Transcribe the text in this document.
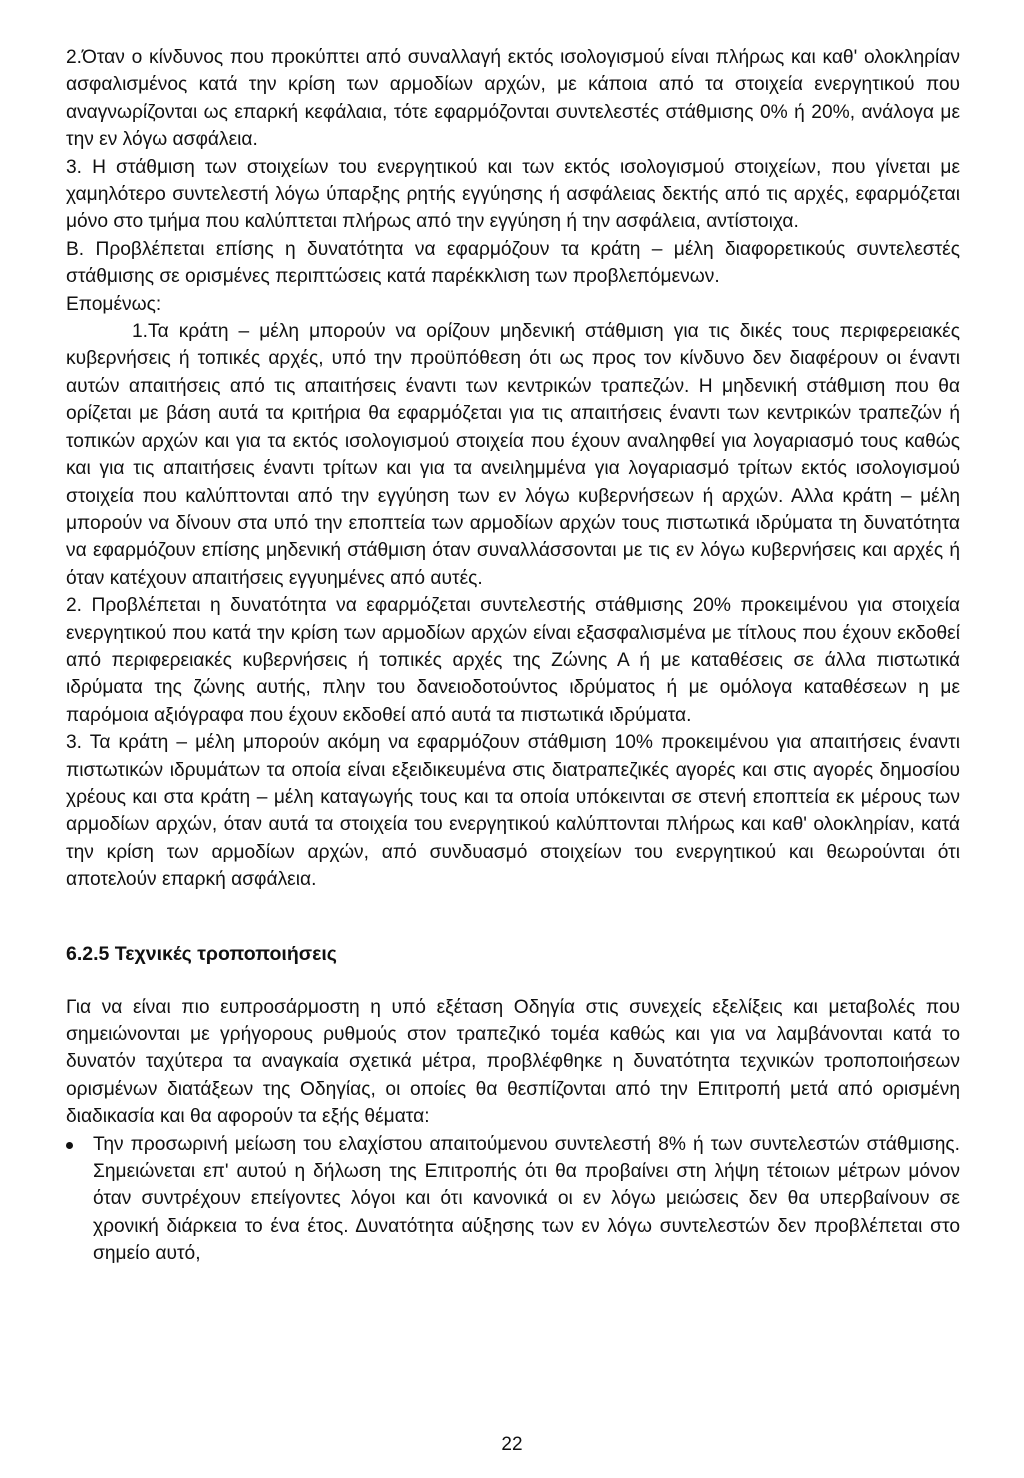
2.Όταν ο κίνδυνος που προκύπτει από συναλλαγή εκτός ισολογισμού είναι πλήρως και καθ' ολοκληρίαν ασφαλισμένος κατά την κρίση των αρμοδίων αρχών, με κάποια από τα στοιχεία ενεργητικού που αναγνωρίζονται ως επαρκή κεφάλαια, τότε εφαρμόζονται συντελεστές στάθμισης 0% ή 20%, ανάλογα με την εν λόγω ασφάλεια.

3. Η στάθμιση των στοιχείων του ενεργητικού και των εκτός ισολογισμού στοιχείων, που γίνεται με χαμηλότερο συντελεστή λόγω ύπαρξης ρητής εγγύησης ή ασφάλειας δεκτής από τις αρχές, εφαρμόζεται μόνο στο τμήμα που καλύπτεται πλήρως από την εγγύηση ή την ασφάλεια, αντίστοιχα.

Β. Προβλέπεται επίσης η δυνατότητα να εφαρμόζουν τα κράτη – μέλη διαφορετικούς συντελεστές στάθμισης σε ορισμένες περιπτώσεις κατά παρέκκλιση των προβλεπόμενων.

Επομένως:

1.Τα κράτη – μέλη μπορούν να ορίζουν μηδενική στάθμιση για τις δικές τους περιφερειακές κυβερνήσεις ή τοπικές αρχές, υπό την προϋπόθεση ότι ως προς τον κίνδυνο δεν διαφέρουν οι έναντι αυτών απαιτήσεις από τις απαιτήσεις έναντι των κεντρικών τραπεζών. Η μηδενική στάθμιση που θα ορίζεται με βάση αυτά τα κριτήρια θα εφαρμόζεται για τις απαιτήσεις έναντι των κεντρικών τραπεζών ή τοπικών αρχών και για τα εκτός ισολογισμού στοιχεία που έχουν αναληφθεί για λογαριασμό τους καθώς και για τις απαιτήσεις έναντι τρίτων και για τα ανειλημμένα για λογαριασμό τρίτων εκτός ισολογισμού στοιχεία που καλύπτονται από την εγγύηση των εν λόγω κυβερνήσεων ή αρχών. Αλλα κράτη – μέλη μπορούν να δίνουν στα υπό την εποπτεία των αρμοδίων αρχών τους πιστωτικά ιδρύματα τη δυνατότητα να εφαρμόζουν επίσης μηδενική στάθμιση όταν συναλλάσσονται με τις εν λόγω κυβερνήσεις και αρχές ή όταν κατέχουν απαιτήσεις εγγυημένες από αυτές.

2. Προβλέπεται η δυνατότητα να εφαρμόζεται συντελεστής στάθμισης 20% προκειμένου για στοιχεία ενεργητικού που κατά την κρίση των αρμοδίων αρχών είναι εξασφαλισμένα με τίτλους που έχουν εκδοθεί από περιφερειακές κυβερνήσεις ή τοπικές αρχές της Ζώνης Α ή με καταθέσεις σε άλλα πιστωτικά ιδρύματα της ζώνης αυτής, πλην του δανειοδοτούντος ιδρύματος ή με ομόλογα καταθέσεων η με παρόμοια αξιόγραφα που έχουν εκδοθεί από αυτά τα πιστωτικά ιδρύματα.

3. Τα κράτη – μέλη μπορούν ακόμη να εφαρμόζουν στάθμιση 10% προκειμένου για απαιτήσεις έναντι πιστωτικών ιδρυμάτων τα οποία είναι εξειδικευμένα στις διατραπεζικές αγορές και στις αγορές δημοσίου χρέους και στα κράτη – μέλη καταγωγής τους και τα οποία υπόκεινται σε στενή εποπτεία εκ μέρους των αρμοδίων αρχών, όταν αυτά τα στοιχεία του ενεργητικού καλύπτονται πλήρως και καθ' ολοκληρίαν, κατά την κρίση των αρμοδίων αρχών, από συνδυασμό στοιχείων του ενεργητικού και θεωρούνται ότι αποτελούν επαρκή ασφάλεια.

6.2.5 Τεχνικές τροποποιήσεις

Για να είναι πιο ευπροσάρμοστη η υπό εξέταση Οδηγία στις συνεχείς εξελίξεις και μεταβολές που σημειώνονται με γρήγορους ρυθμούς στον τραπεζικό τομέα καθώς και για να λαμβάνονται κατά το δυνατόν ταχύτερα τα αναγκαία σχετικά μέτρα, προβλέφθηκε η δυνατότητα τεχνικών τροποποιήσεων ορισμένων διατάξεων της Οδηγίας, οι οποίες θα θεσπίζονται από την Επιτροπή μετά από ορισμένη διαδικασία και θα αφορούν τα εξής θέματα:

Την προσωρινή μείωση του ελαχίστου απαιτούμενου συντελεστή 8% ή των συντελεστών στάθμισης. Σημειώνεται επ' αυτού η δήλωση της Επιτροπής ότι θα προβαίνει στη λήψη τέτοιων μέτρων μόνον όταν συντρέχουν επείγοντες λόγοι και ότι κανονικά οι εν λόγω μειώσεις δεν θα υπερβαίνουν σε χρονική διάρκεια το ένα έτος. Δυνατότητα αύξησης των εν λόγω συντελεστών δεν προβλέπεται στο σημείο αυτό,
22
